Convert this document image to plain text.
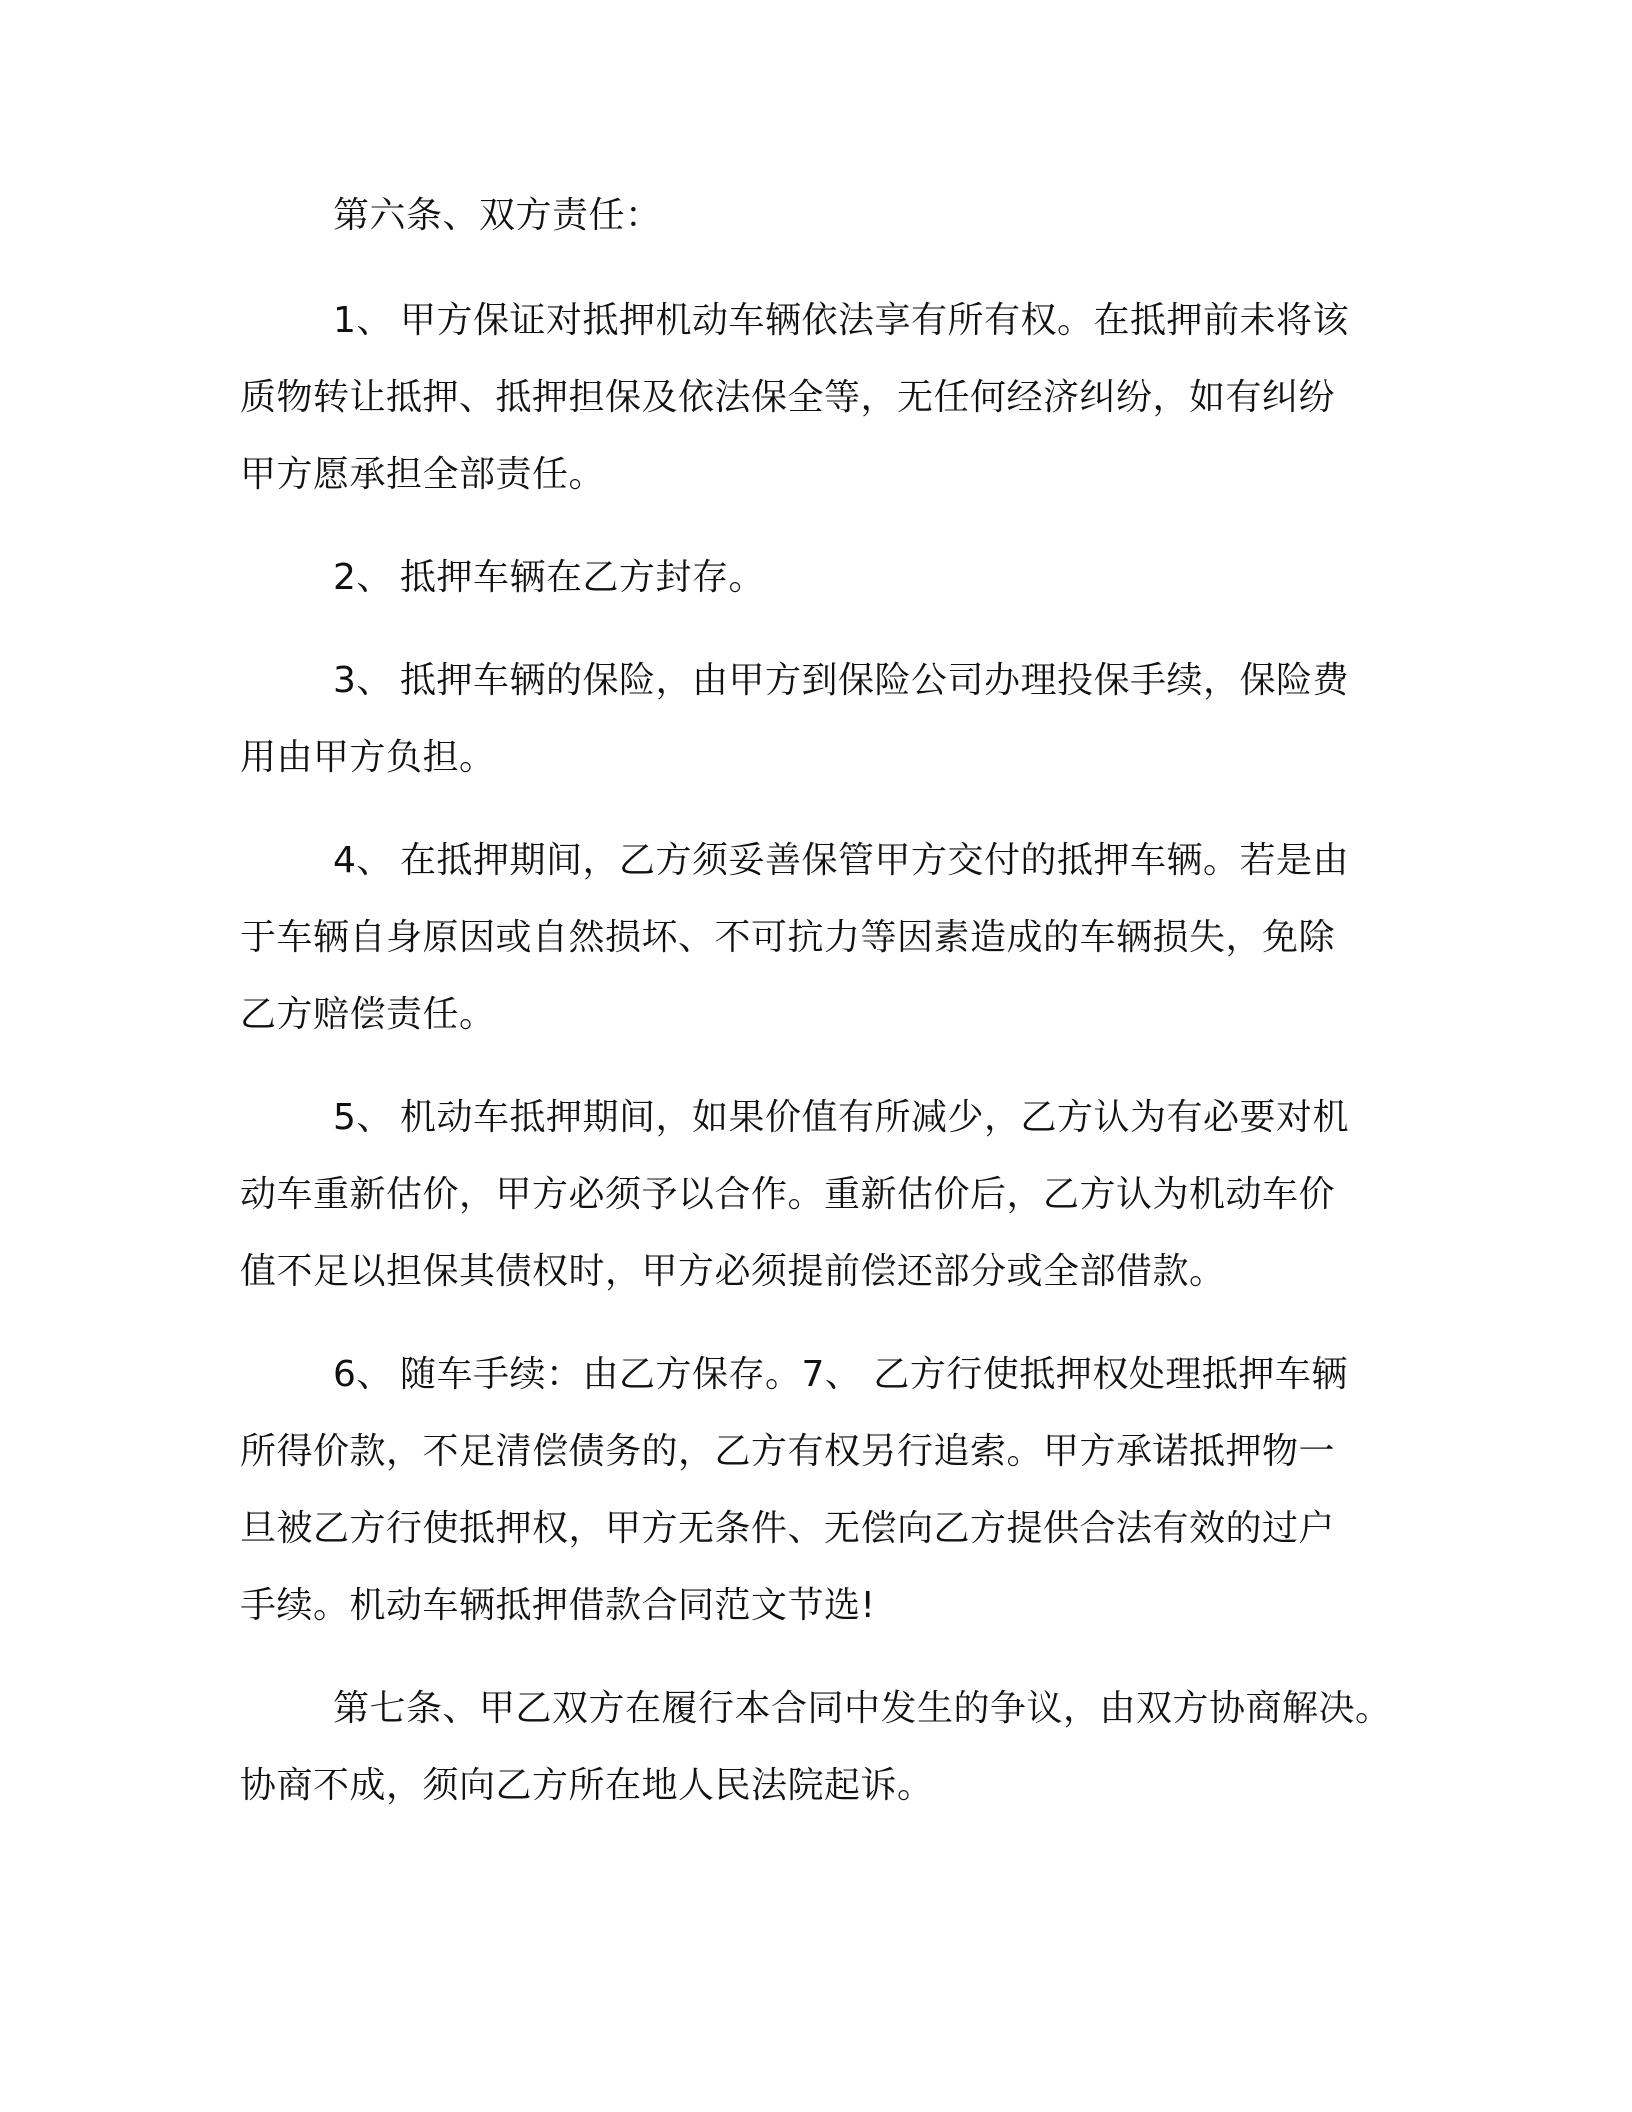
第六条、双方责任：
1、 甲方保证对抵押机动车辆依法享有所有权。在抵押前未将该
质物转让抵押、抵押担保及依法保全等，无任何经济纠纷，如有纠纷
甲方愿承担全部责任。
2、 抵押车辆在乙方封存。
3、 抵押车辆的保险，由甲方到保险公司办理投保手续，保险费
用由甲方负担。
4、 在抵押期间，乙方须妥善保管甲方交付的抵押车辆。若是由
于车辆自身原因或自然损坏、不可抗力等因素造成的车辆损失，免除
乙方赔偿责任。
5、 机动车抵押期间，如果价值有所减少，乙方认为有必要对机
动车重新估价，甲方必须予以合作。重新估价后，乙方认为机动车价
值不足以担保其债权时，甲方必须提前偿还部分或全部借款。
6、 随车手续：由乙方保存。7、 乙方行使抵押权处理抵押车辆
所得价款，不足清偿债务的，乙方有权另行追索。甲方承诺抵押物一
旦被乙方行使抵押权，甲方无条件、无偿向乙方提供合法有效的过户
手续。机动车辆抵押借款合同范文节选!
第七条、甲乙双方在履行本合同中发生的争议，由双方协商解决。
协商不成，须向乙方所在地人民法院起诉。
